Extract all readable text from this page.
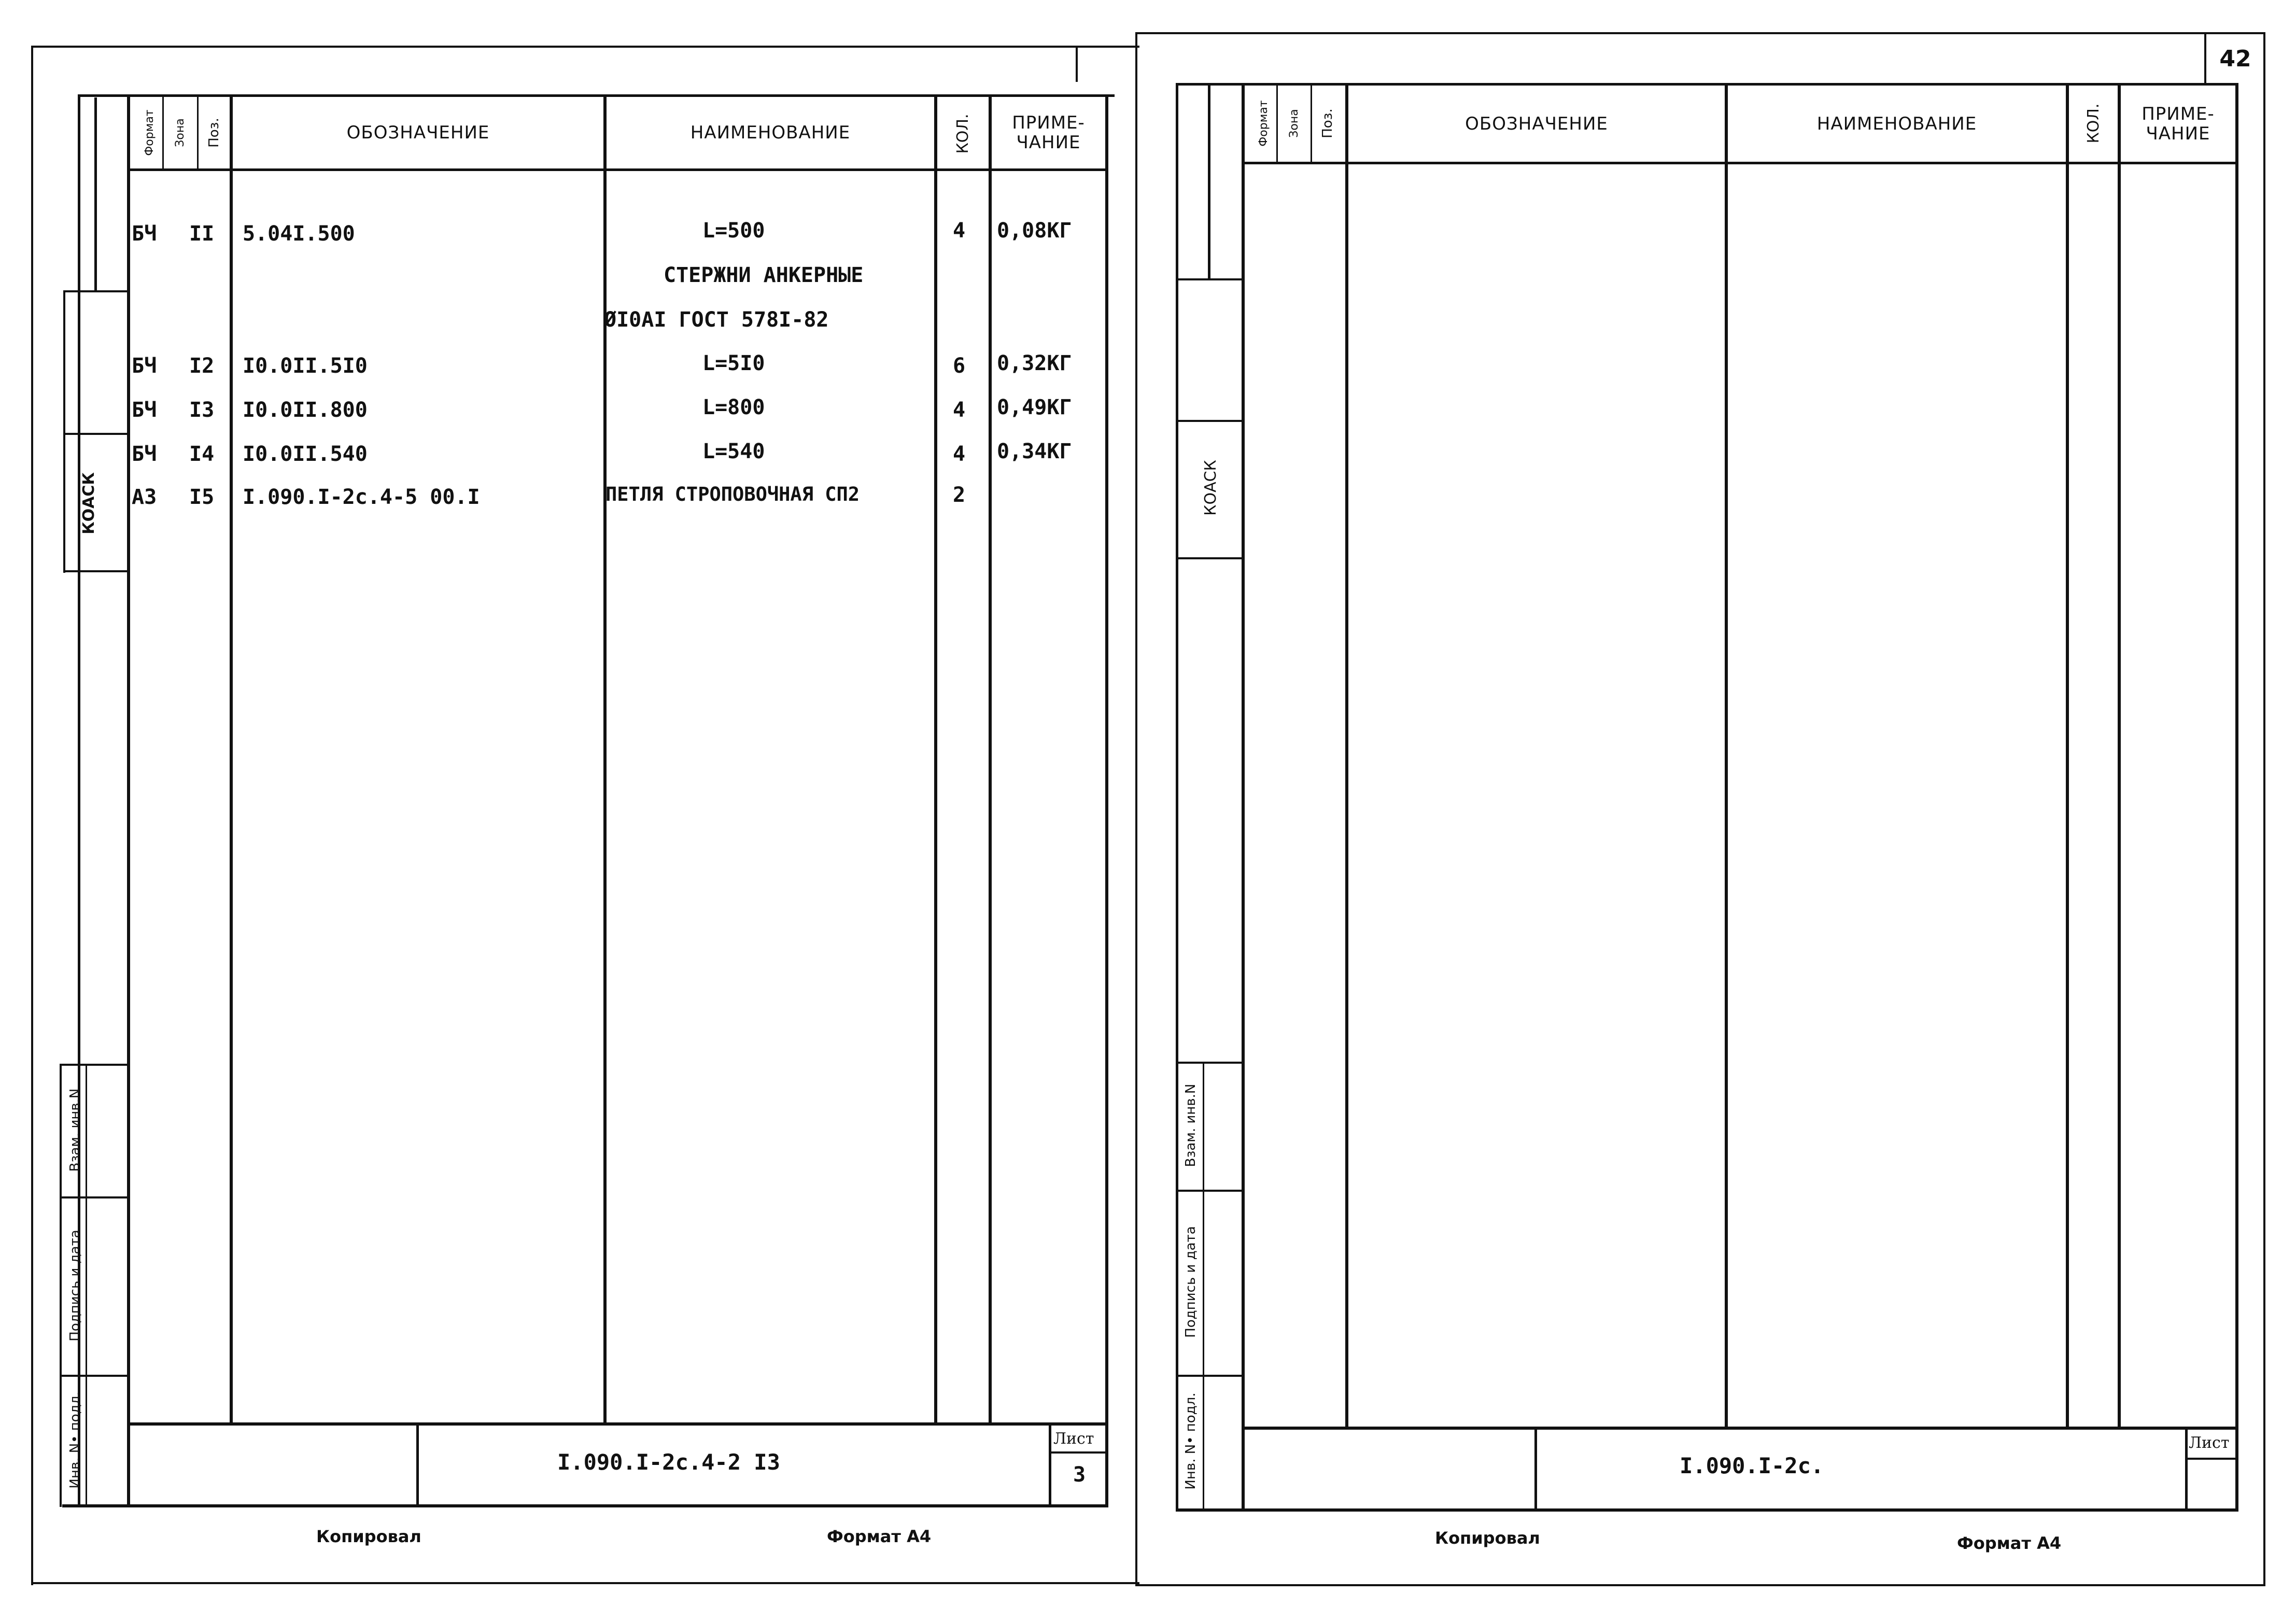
Формат Зона Поз.	ОБОЗНАЧЕНИЕ	НАИМЕНОВАНИЕ	КОЛ. ПРИМЕ-
ЧАНИЕ
КОАСК
Взам. инв.N
Подпись и дата
Инв. N• подл.
БЧ II 5.04I.500	L=500	4 0,08КГ
СТЕРЖНИ АНКЕРНЫЕ
ØI0AI ГОСТ 578I-82
БЧ I2 I0.0II.5I0	L=5I0	6 0,32КГ
БЧ I3 I0.0II.800	L=800	4 0,49КГ
БЧ I4 I0.0II.540	L=540	4 0,34КГ
А3 I5 I.090.I-2c.4-5 00.I	ПЕТЛЯ СТРОПОВОЧНАЯ СП2	2
I.090.I-2c.4-2 I3
Лист
3
Копировал	Формат А4
42
Формат Зона Поз.	ОБОЗНАЧЕНИЕ	НАИМЕНОВАНИЕ	КОЛ. ПРИМЕ-
ЧАНИЕ
КОАСК
Взам. инв.N
Подпись и дата
Инв. N• подл.	I.090.I-2c.
Лист
Копировал	Формат А4
